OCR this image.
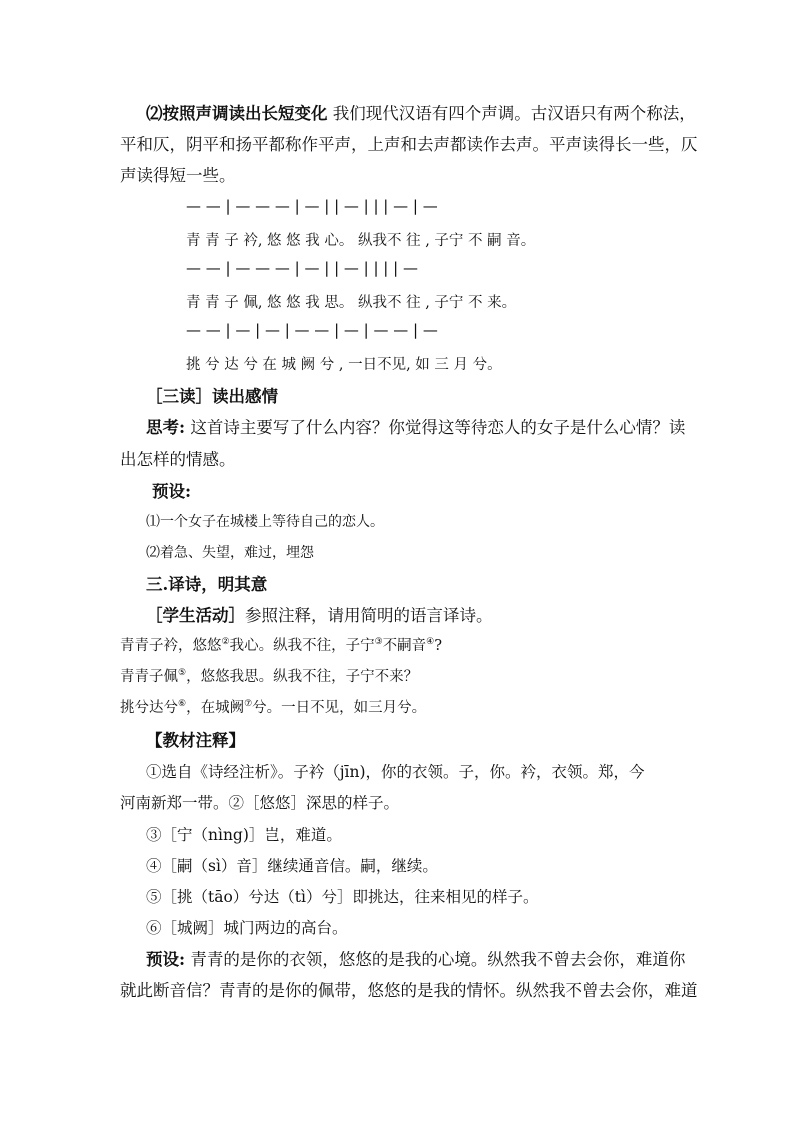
⑵按照声调读出长短变化 我们现代汉语有四个声调。古汉语只有两个称法，
平和仄，阴平和扬平都称作平声，上声和去声都读作去声。平声读得长一些，仄
声读得短一些。
— — | — — — | — | | — | | | — | —
青 青 子 衿, 悠 悠 我 心。 纵我不 往 , 子宁 不 嗣 音。
— — | — — — | — | | — | | | | —
青 青 子 佩, 悠 悠 我 思。 纵我不 往 , 子宁 不 来。
— — | — | — | — — | — | — — | —
挑 兮 达 兮 在 城 阙 兮 , 一日不见, 如 三 月 兮。
［三读］读出感情
思考: 这首诗主要写了什么内容？你觉得这等待恋人的女子是什么心情？读
出怎样的情感。
预设:
⑴一个女子在城楼上等待自己的恋人。
⑵着急、失望，难过，埋怨
三.译诗，明其意
［学生活动］参照注释，请用简明的语言译诗。
青青子衿，悠悠②我心。纵我不往，子宁③不嗣音④?
青青子佩⑤，悠悠我思。纵我不往，子宁不来？
挑兮达兮⑥，在城阙⑦兮。一日不见，如三月兮。
【教材注释】
①选自《诗经注析》。子衿（jīn)，你的衣领。子，你。衿，衣领。郑，今
河南新郑一带。②［悠悠］深思的样子。
③［宁（nìng)］岂，难道。
④［嗣（sì）音］继续通音信。嗣，继续。
⑤［挑（tāo）兮达（tì）兮］即挑达，往来相见的样子。
⑥［城阙］城门两边的高台。
预设: 青青的是你的衣领，悠悠的是我的心境。纵然我不曾去会你，难道你
就此断音信？青青的是你的佩带，悠悠的是我的情怀。纵然我不曾去会你，难道
